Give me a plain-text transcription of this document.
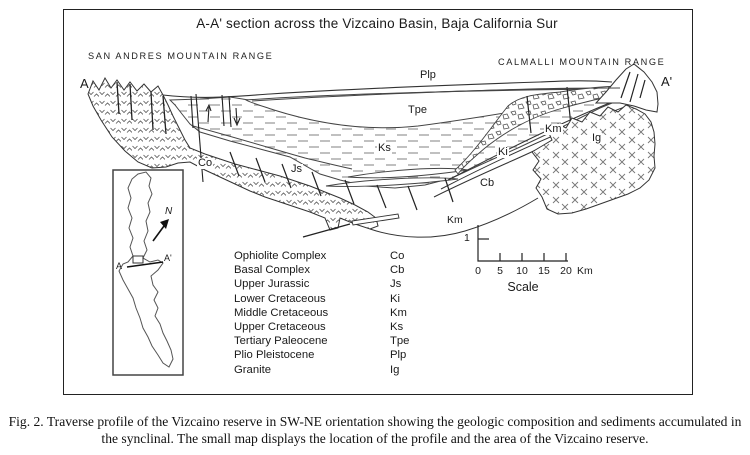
A-A' section across the Vizcaino Basin, Baja California Sur
SAN ANDRES MOUNTAIN RANGE
CALMALLI MOUNTAIN RANGE
A	A'
Plp
Tpe
Ks
Co	Js
Ki
Km
Cb
Ig
Ophiolite Complex	Co
Basal Complex	Cb
Upper Jurassic	Js
Lower Cretaceous	Ki
Middle Cretaceous	Km
Upper Cretaceous	Ks
Tertiary Paleocene	Tpe
Plio Pleistocene	Plp
Granite	Ig
Km
1
0	5	10 15 20 Km
Scale
N
A
A'
Fig. 2. Traverse profile of the Vizcaino reserve in SW-NE orientation showing the geologic composition and sediments accumulated in
the synclinal. The small map displays the location of the profile and the area of the Vizcaino reserve.
